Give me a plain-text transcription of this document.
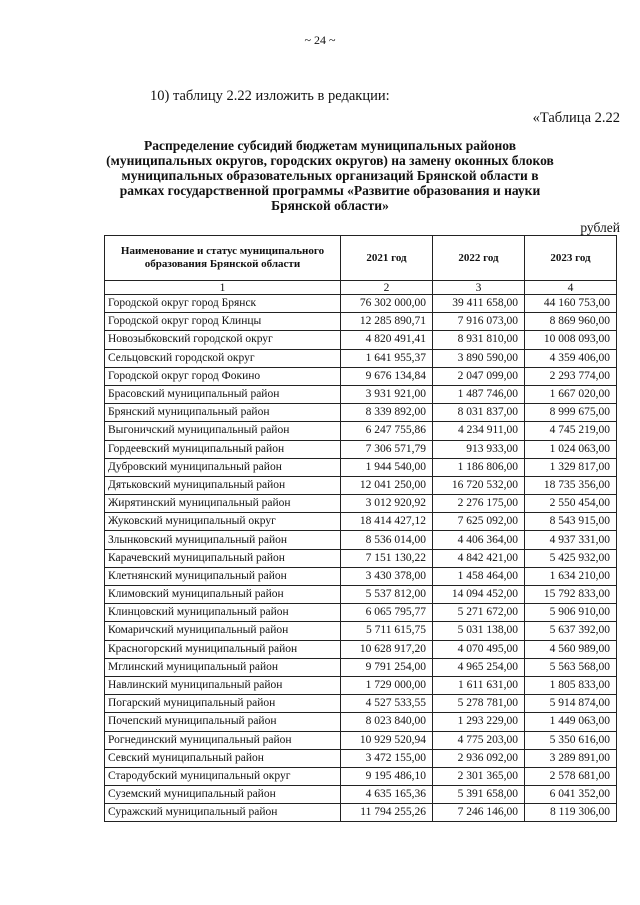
~ 24 ~
10) таблицу 2.22 изложить в редакции:
«Таблица 2.22
Распределение субсидий бюджетам муниципальных районов
(муниципальных округов, городских округов) на замену оконных блоков
муниципальных образовательных организаций Брянской области в
рамках государственной программы «Развитие образования и науки
Брянской области»
рублей
Наименование и статус муниципального образования Брянской области	2021 год	2022 год	2023 год
1	2	3	4
Городской округ город Брянск	76 302 000,00	39 411 658,00	44 160 753,00
Городской округ город Клинцы	12 285 890,71	7 916 073,00	8 869 960,00
Новозыбковский городской округ	4 820 491,41	8 931 810,00	10 008 093,00
Сельцовский городской округ	1 641 955,37	3 890 590,00	4 359 406,00
Городской округ город Фокино	9 676 134,84	2 047 099,00	2 293 774,00
Брасовский муниципальный район	3 931 921,00	1 487 746,00	1 667 020,00
Брянский муниципальный район	8 339 892,00	8 031 837,00	8 999 675,00
Выгоничский муниципальный район	6 247 755,86	4 234 911,00	4 745 219,00
Гордеевский муниципальный район	7 306 571,79	913 933,00	1 024 063,00
Дубровский муниципальный район	1 944 540,00	1 186 806,00	1 329 817,00
Дятьковский муниципальный район	12 041 250,00	16 720 532,00	18 735 356,00
Жирятинский муниципальный район	3 012 920,92	2 276 175,00	2 550 454,00
Жуковский муниципальный округ	18 414 427,12	7 625 092,00	8 543 915,00
Злынковский муниципальный район	8 536 014,00	4 406 364,00	4 937 331,00
Карачевский муниципальный район	7 151 130,22	4 842 421,00	5 425 932,00
Клетнянский муниципальный район	3 430 378,00	1 458 464,00	1 634 210,00
Климовский муниципальный район	5 537 812,00	14 094 452,00	15 792 833,00
Клинцовский муниципальный район	6 065 795,77	5 271 672,00	5 906 910,00
Комаричский муниципальный район	5 711 615,75	5 031 138,00	5 637 392,00
Красногорский муниципальный район	10 628 917,20	4 070 495,00	4 560 989,00
Мглинский муниципальный район	9 791 254,00	4 965 254,00	5 563 568,00
Навлинский муниципальный район	1 729 000,00	1 611 631,00	1 805 833,00
Погарский муниципальный район	4 527 533,55	5 278 781,00	5 914 874,00
Почепский муниципальный район	8 023 840,00	1 293 229,00	1 449 063,00
Рогнединский муниципальный район	10 929 520,94	4 775 203,00	5 350 616,00
Севский муниципальный район	3 472 155,00	2 936 092,00	3 289 891,00
Стародубский муниципальный округ	9 195 486,10	2 301 365,00	2 578 681,00
Суземский муниципальный район	4 635 165,36	5 391 658,00	6 041 352,00
Суражский муниципальный район	11 794 255,26	7 246 146,00	8 119 306,00
